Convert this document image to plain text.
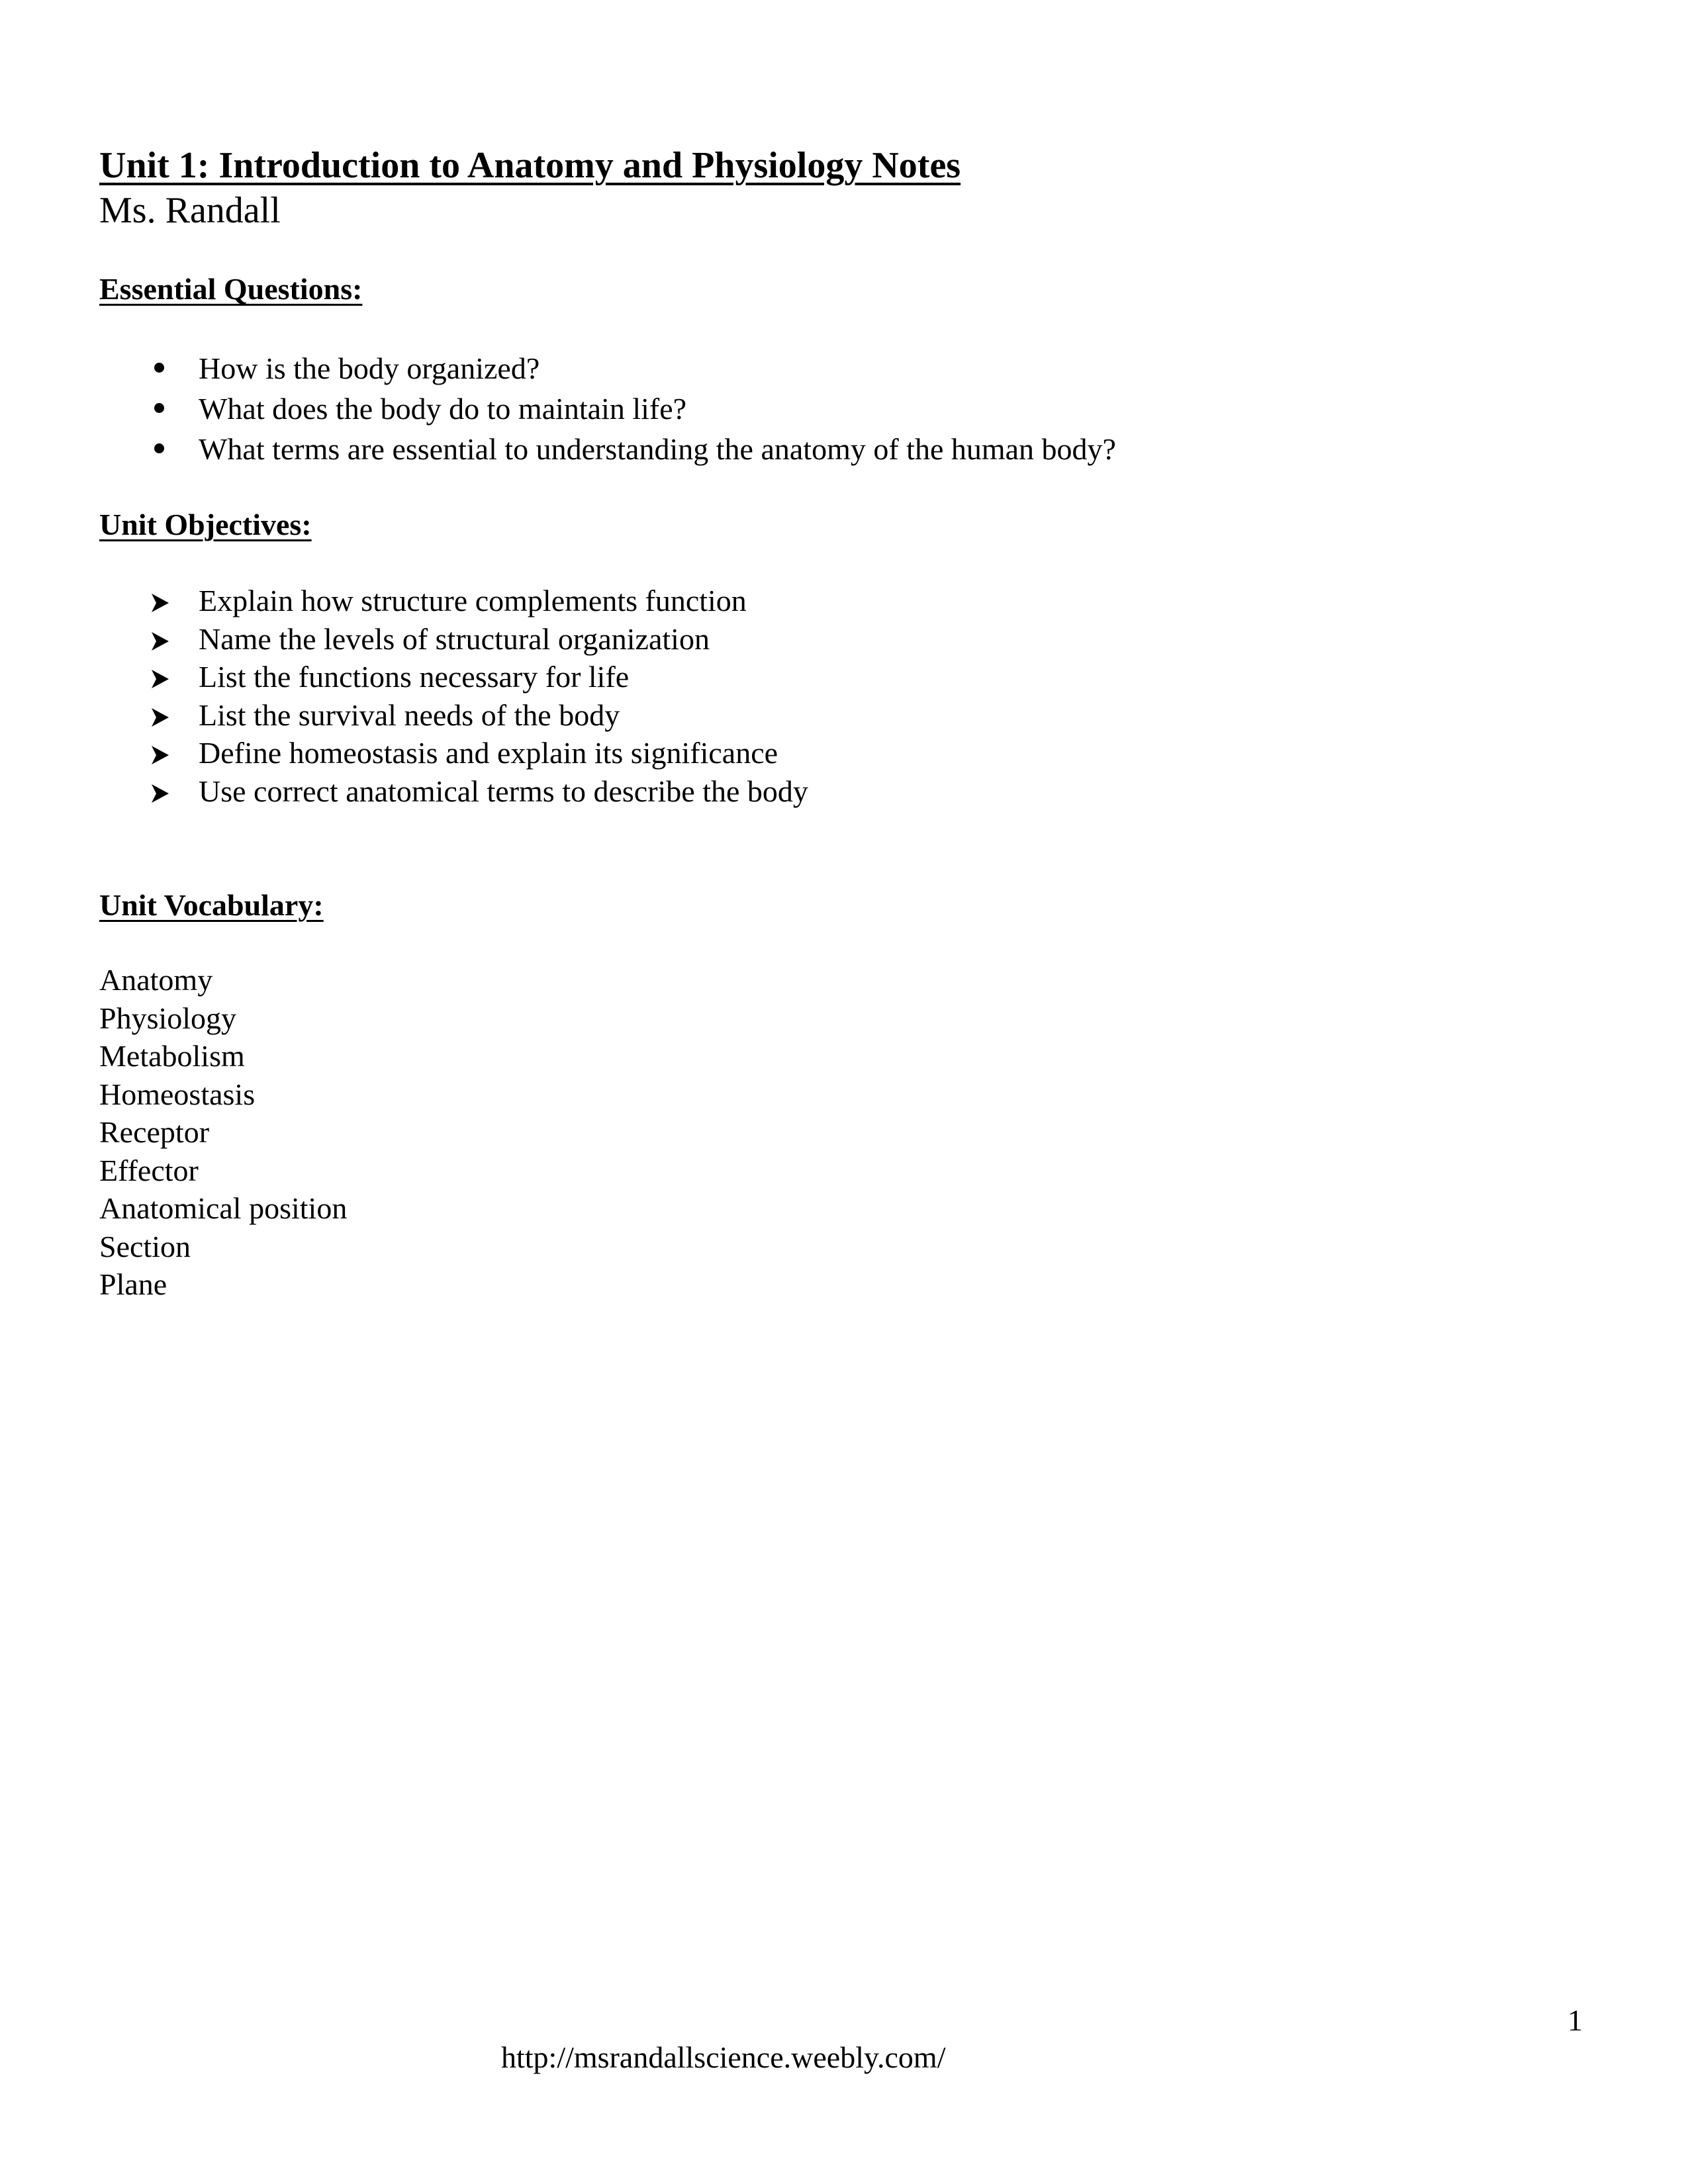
Unit 1: Introduction to Anatomy and Physiology Notes
Ms. Randall
Essential Questions:
How is the body organized?
What does the body do to maintain life?
What terms are essential to understanding the anatomy of the human body?
Unit Objectives:
Explain how structure complements function
Name the levels of structural organization
List the functions necessary for life
List the survival needs of the body
Define homeostasis and explain its significance
Use correct anatomical terms to describe the body
Unit Vocabulary:
Anatomy
Physiology
Metabolism
Homeostasis
Receptor
Effector
Anatomical position
Section
Plane
1
http://msrandallscience.weebly.com/
